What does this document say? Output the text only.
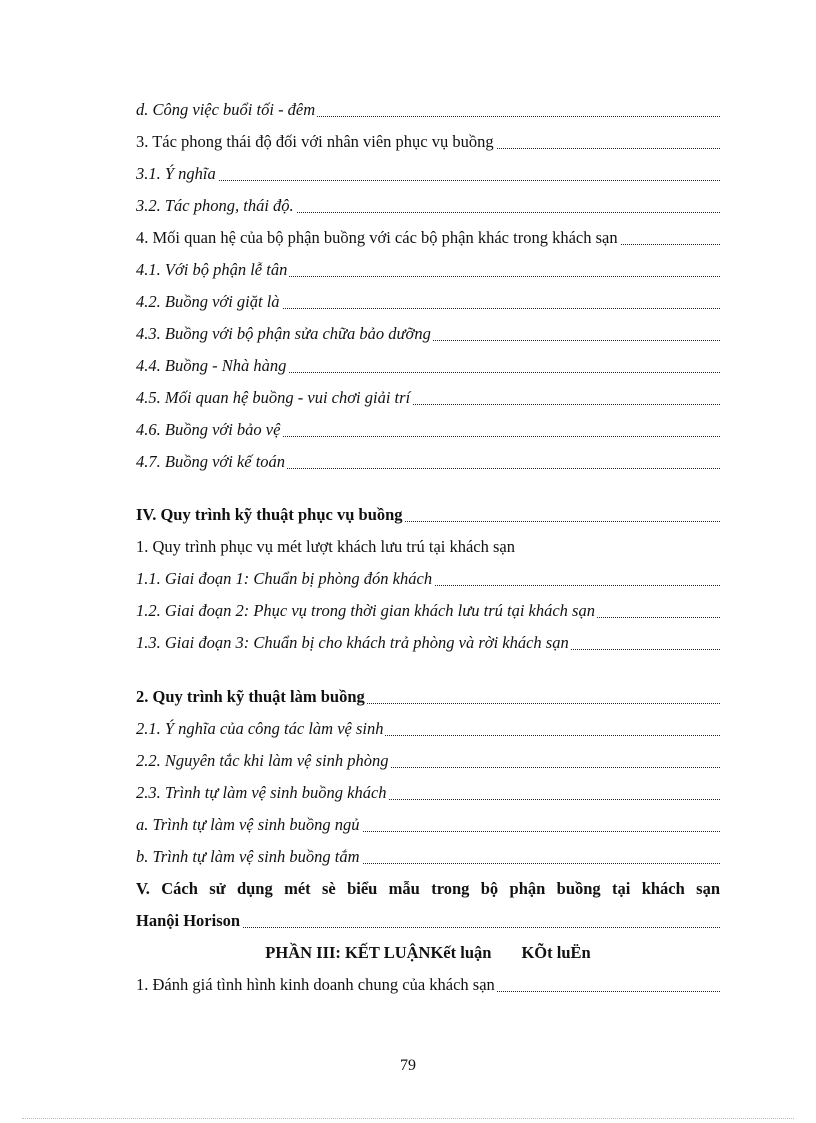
d. Công việc buổi tối - đêm
3. Tác phong thái độ đối với nhân viên phục vụ buồng
3.1. Ý nghĩa
3.2. Tác phong, thái độ.
4. Mối quan hệ của bộ phận buồng với các bộ phận khác trong khách sạn
4.1. Với bộ phận lễ tân
4.2. Buồng với giặt là
4.3. Buồng với bộ phận sửa chữa bảo dưỡng
4.4. Buồng - Nhà hàng
4.5. Mối quan hệ buồng - vui chơi giải trí
4.6. Buồng với bảo vệ
4.7. Buồng với kế toán
IV. Quy trình kỹ thuật phục vụ buồng
1. Quy trình phục vụ mét lượt khách lưu trú tại khách sạn
1.1. Giai đoạn 1: Chuẩn bị phòng đón khách
1.2. Giai đoạn 2: Phục vụ trong thời gian khách lưu trú tại khách sạn
1.3. Giai đoạn 3: Chuẩn bị cho khách trả phòng và rời khách sạn
2. Quy trình kỹ thuật làm buồng
2.1. Ý nghĩa của công tác làm vệ sinh
2.2. Nguyên tắc khi làm vệ sinh phòng
2.3. Trình tự làm vệ sinh buồng khách
a. Trình tự làm vệ sinh buồng ngủ
b. Trình tự làm vệ sinh buồng tắm
V. Cách sử dụng mét sè biểu mẫu trong bộ phận buồng tại khách sạn
Hanội Horison
PHẦN III: KẾT LUẬNKết luận KÕt luËn
1. Đánh giá tình hình kinh doanh chung của khách sạn
79
